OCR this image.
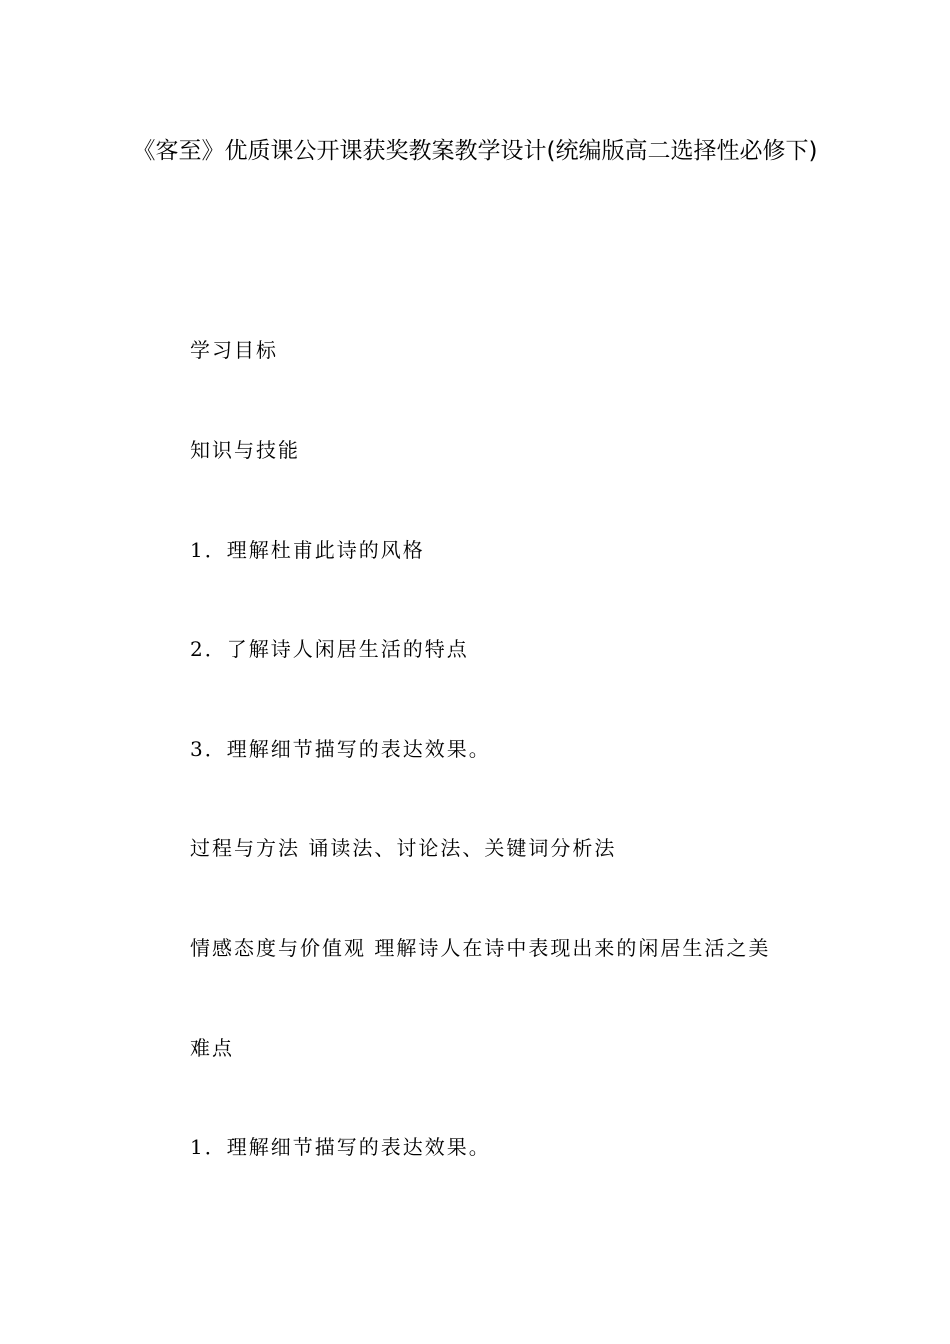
《客至》优质课公开课获奖教案教学设计(统编版高二选择性必修下)

学习目标

知识与技能

1．理解杜甫此诗的风格

2．了解诗人闲居生活的特点

3．理解细节描写的表达效果。

过程与方法 诵读法、讨论法、关键词分析法

情感态度与价值观 理解诗人在诗中表现出来的闲居生活之美

难点

1．理解细节描写的表达效果。
